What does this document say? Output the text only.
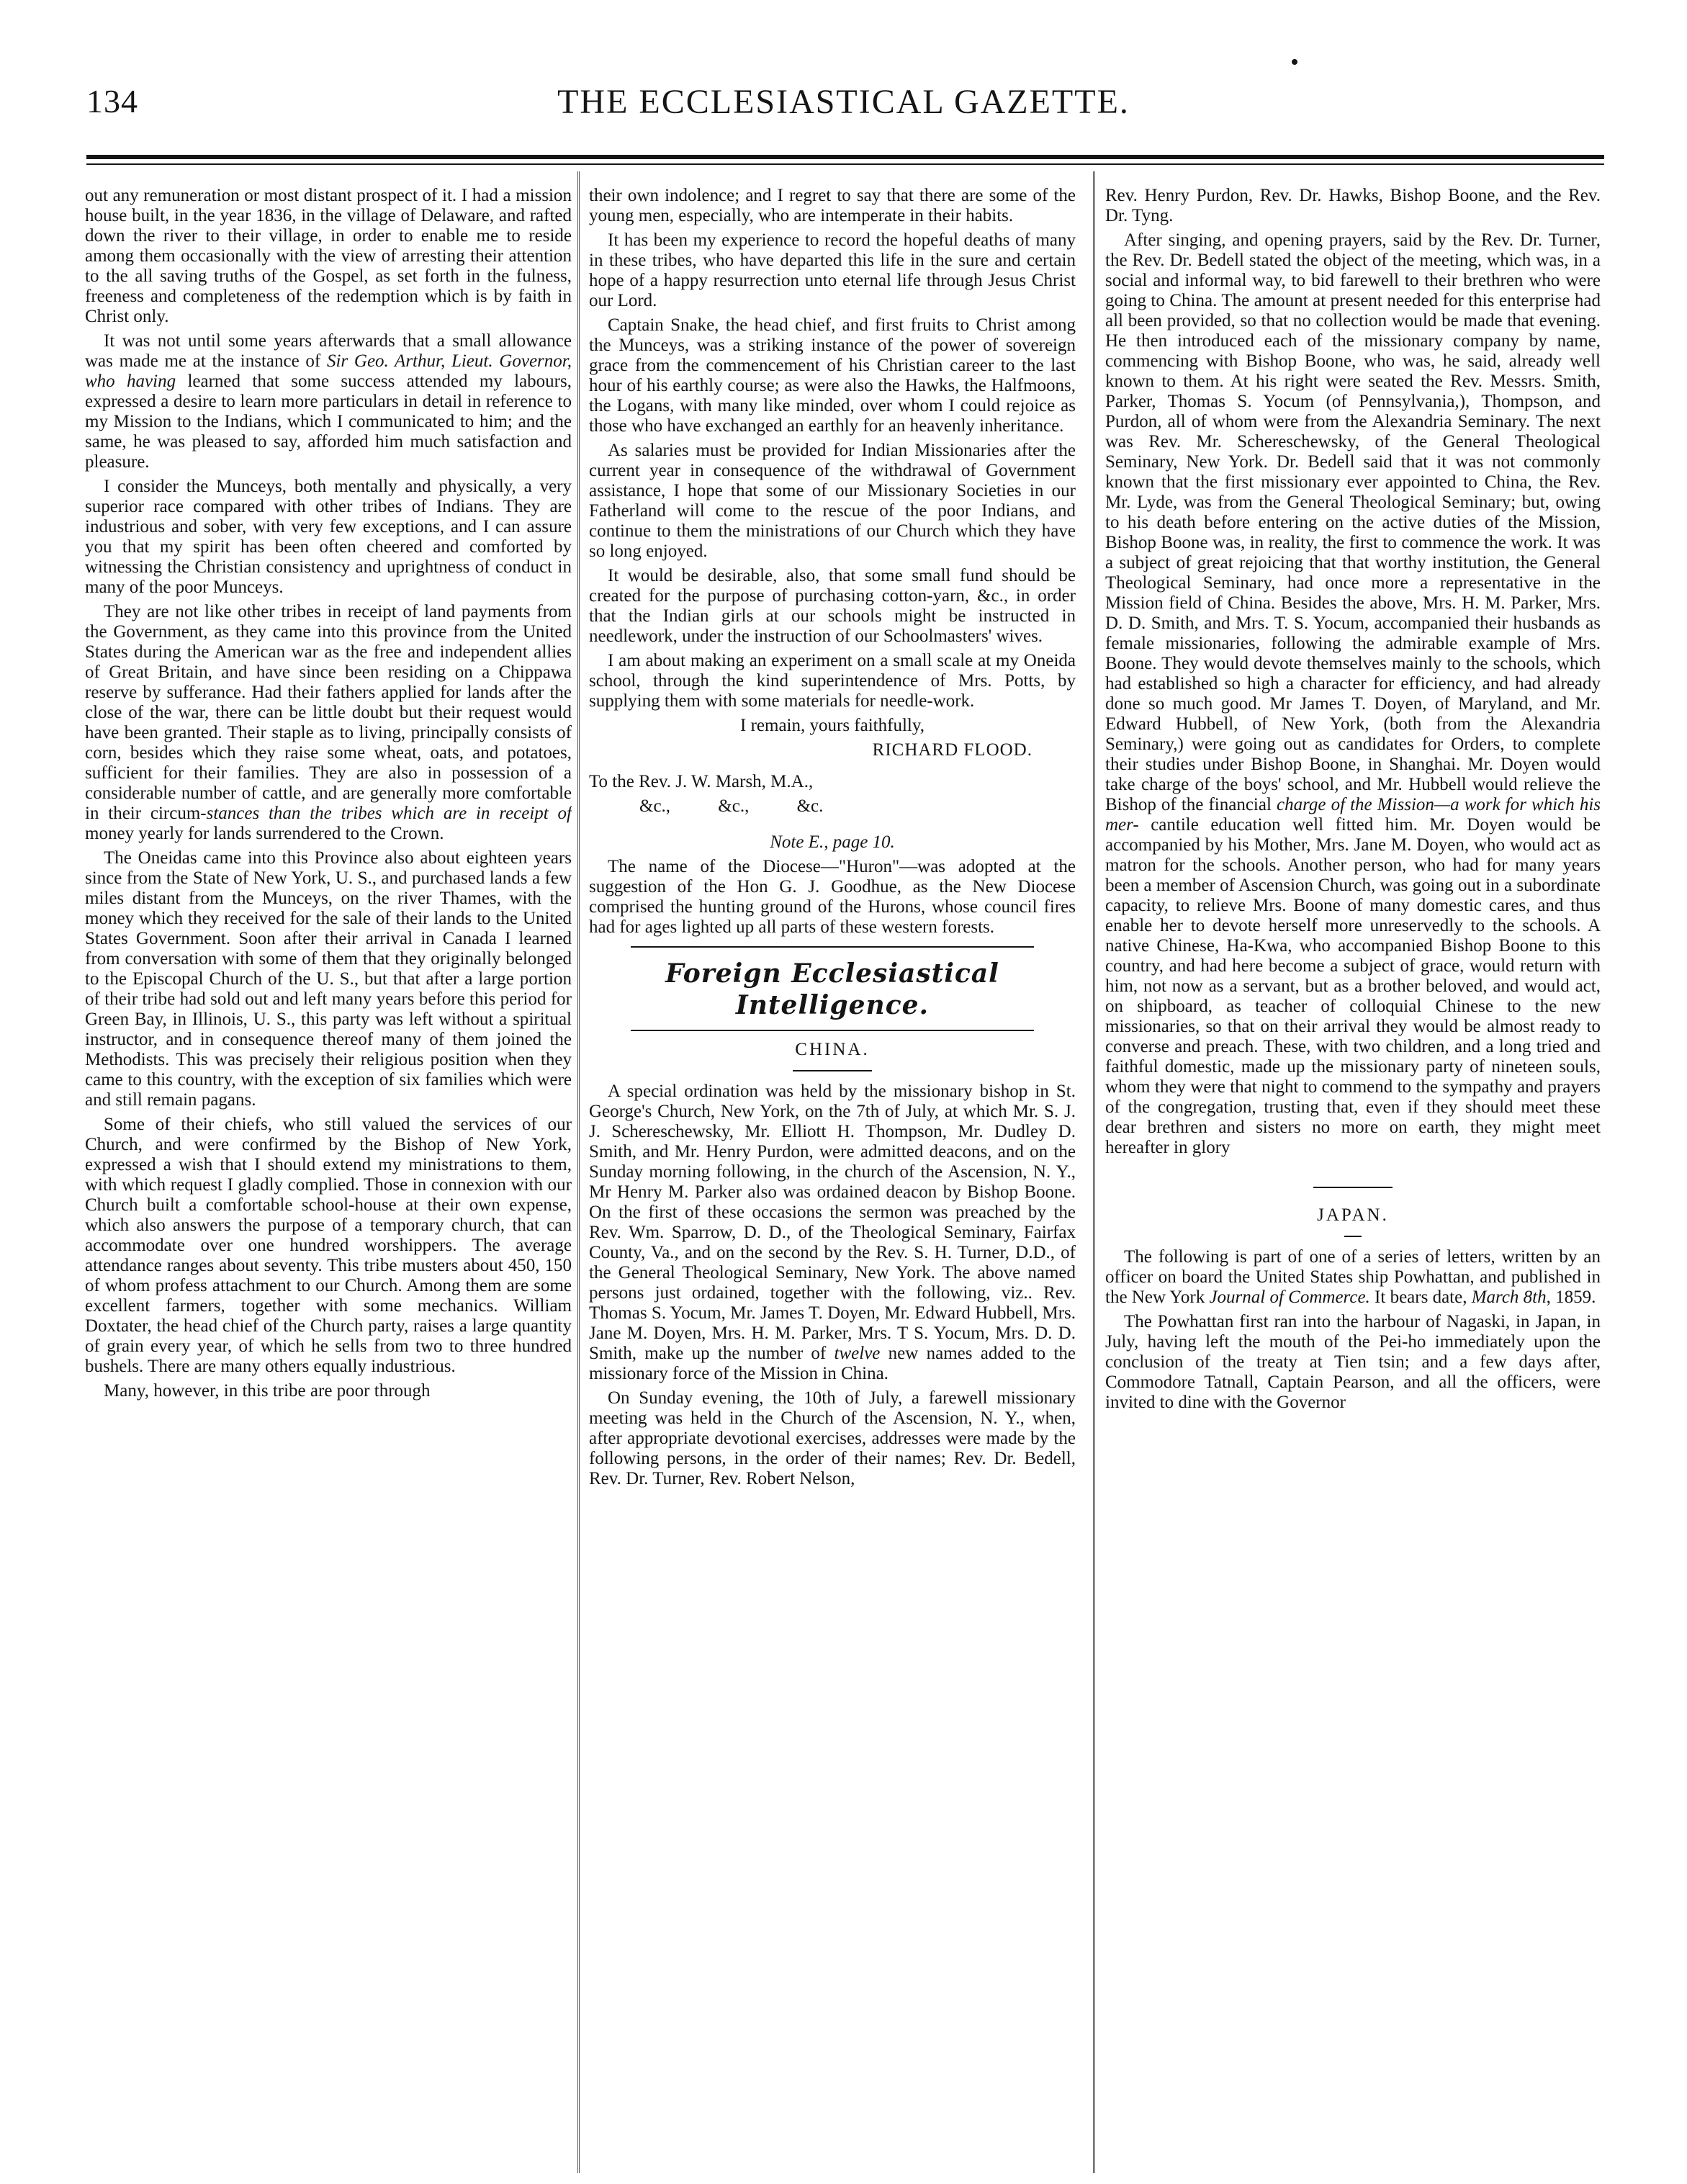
134	THE ECCLESIASTICAL GAZETTE.

out any remuneration or most distant prospect of it. I had a mission house built, in the year 1836, in the village of Delaware, and rafted down the river to their village, in order to enable me to reside among them occasionally with the view of arresting their attention to the all saving truths of the Gospel, as set forth in the fulness, freeness and completeness of the redemption which is by faith in Christ only.

It was not until some years afterwards that a small allowance was made me at the instance of Sir Geo. Arthur, Lieut. Governor, who having learned that some success attended my labours, expressed a desire to learn more particulars in detail in reference to my Mission to the Indians, which I communicated to him; and the same, he was pleased to say, afforded him much satisfaction and pleasure.

I consider the Munceys, both mentally and physically, a very superior race compared with other tribes of Indians. They are industrious and sober, with very few exceptions, and I can assure you that my spirit has been often cheered and comforted by witnessing the Christian consistency and uprightness of conduct in many of the poor Munceys.

They are not like other tribes in receipt of land payments from the Government, as they came into this province from the United States during the American war as the free and independent allies of Great Britain, and have since been residing on a Chippawa reserve by sufferance. Had their fathers applied for lands after the close of the war, there can be little doubt but their request would have been granted. Their staple as to living, principally consists of corn, besides which they raise some wheat, oats, and potatoes, sufficient for their families. They are also in possession of a considerable number of cattle, and are generally more comfortable in their circum-stances than the tribes which are in receipt of money yearly for lands surrendered to the Crown.

The Oneidas came into this Province also about eighteen years since from the State of New York, U. S., and purchased lands a few miles distant from the Munceys, on the river Thames, with the money which they received for the sale of their lands to the United States Government. Soon after their arrival in Canada I learned from conversation with some of them that they originally belonged to the Episcopal Church of the U. S., but that after a large portion of their tribe had sold out and left many years before this period for Green Bay, in Illinois, U. S., this party was left without a spiritual instructor, and in consequence thereof many of them joined the Methodists. This was precisely their religious position when they came to this country, with the exception of six families which were and still remain pagans.

Some of their chiefs, who still valued the services of our Church, and were confirmed by the Bishop of New York, expressed a wish that I should extend my ministrations to them, with which request I gladly complied. Those in connexion with our Church built a comfortable school-house at their own expense, which also answers the purpose of a temporary church, that can accommodate over one hundred worshippers. The average attendance ranges about seventy. This tribe musters about 450, 150 of whom profess attachment to our Church. Among them are some excellent farmers, together with some mechanics. William Doxtater, the head chief of the Church party, raises a large quantity of grain every year, of which he sells from two to three hundred bushels. There are many others equally industrious.

Many, however, in this tribe are poor through

their own indolence; and I regret to say that there are some of the young men, especially, who are intemperate in their habits.

It has been my experience to record the hopeful deaths of many in these tribes, who have departed this life in the sure and certain hope of a happy resurrection unto eternal life through Jesus Christ our Lord.

Captain Snake, the head chief, and first fruits to Christ among the Munceys, was a striking instance of the power of sovereign grace from the commencement of his Christian career to the last hour of his earthly course; as were also the Hawks, the Halfmoons, the Logans, with many like minded, over whom I could rejoice as those who have exchanged an earthly for an heavenly inheritance.

As salaries must be provided for Indian Missionaries after the current year in consequence of the withdrawal of Government assistance, I hope that some of our Missionary Societies in our Fatherland will come to the rescue of the poor Indians, and continue to them the ministrations of our Church which they have so long enjoyed.

It would be desirable, also, that some small fund should be created for the purpose of purchasing cotton-yarn, &c., in order that the Indian girls at our schools might be instructed in needlework, under the instruction of our Schoolmasters' wives.

I am about making an experiment on a small scale at my Oneida school, through the kind superintendence of Mrs. Potts, by supplying them with some materials for needle-work.

I remain, yours faithfully,

RICHARD FLOOD.

To the Rev. J. W. Marsh, M.A.,

&c., &c., &c.

Note E., page 10.

The name of the Diocese—"Huron"—was adopted at the suggestion of the Hon G. J. Goodhue, as the New Diocese comprised the hunting ground of the Hurons, whose council fires had for ages lighted up all parts of these western forests.

Foreign Ecclesiastical Intelligence.
CHINA.

A special ordination was held by the missionary bishop in St. George's Church, New York, on the 7th of July, at which Mr. S. J. J. Schereschewsky, Mr. Elliott H. Thompson, Mr. Dudley D. Smith, and Mr. Henry Purdon, were admitted deacons, and on the Sunday morning following, in the church of the Ascension, N. Y., Mr Henry M. Parker also was ordained deacon by Bishop Boone. On the first of these occasions the sermon was preached by the Rev. Wm. Sparrow, D. D., of the Theological Seminary, Fairfax County, Va., and on the second by the Rev. S. H. Turner, D.D., of the General Theological Seminary, New York. The above named persons just ordained, together with the following, viz.. Rev. Thomas S. Yocum, Mr. James T. Doyen, Mr. Edward Hubbell, Mrs. Jane M. Doyen, Mrs. H. M. Parker, Mrs. T S. Yocum, Mrs. D. D. Smith, make up the number of twelve new names added to the missionary force of the Mission in China.

On Sunday evening, the 10th of July, a farewell missionary meeting was held in the Church of the Ascension, N. Y., when, after appropriate devotional exercises, addresses were made by the following persons, in the order of their names; Rev. Dr. Bedell, Rev. Dr. Turner, Rev. Robert Nelson,

Rev. Henry Purdon, Rev. Dr. Hawks, Bishop Boone, and the Rev. Dr. Tyng.

After singing, and opening prayers, said by the Rev. Dr. Turner, the Rev. Dr. Bedell stated the object of the meeting, which was, in a social and informal way, to bid farewell to their brethren who were going to China. The amount at present needed for this enterprise had all been provided, so that no collection would be made that evening. He then introduced each of the missionary company by name, commencing with Bishop Boone, who was, he said, already well known to them. At his right were seated the Rev. Messrs. Smith, Parker, Thomas S. Yocum (of Pennsylvania,), Thompson, and Purdon, all of whom were from the Alexandria Seminary. The next was Rev. Mr. Schereschewsky, of the General Theological Seminary, New York. Dr. Bedell said that it was not commonly known that the first missionary ever appointed to China, the Rev. Mr. Lyde, was from the General Theological Seminary; but, owing to his death before entering on the active duties of the Mission, Bishop Boone was, in reality, the first to commence the work. It was a subject of great rejoicing that that worthy institution, the General Theological Seminary, had once more a representative in the Mission field of China. Besides the above, Mrs. H. M. Parker, Mrs. D. D. Smith, and Mrs. T. S. Yocum, accompanied their husbands as female missionaries, following the admirable example of Mrs. Boone. They would devote themselves mainly to the schools, which had established so high a character for efficiency, and had already done so much good. Mr James T. Doyen, of Maryland, and Mr. Edward Hubbell, of New York, (both from the Alexandria Seminary,) were going out as candidates for Orders, to complete their studies under Bishop Boone, in Shanghai. Mr. Doyen would take charge of the boys' school, and Mr. Hubbell would relieve the Bishop of the financial charge of the Mission—a work for which his mer- cantile education well fitted him. Mr. Doyen would be accompanied by his Mother, Mrs. Jane M. Doyen, who would act as matron for the schools. Another person, who had for many years been a member of Ascension Church, was going out in a subordinate capacity, to relieve Mrs. Boone of many domestic cares, and thus enable her to devote herself more unreservedly to the schools. A native Chinese, Ha-Kwa, who accompanied Bishop Boone to this country, and had here become a subject of grace, would return with him, not now as a servant, but as a brother beloved, and would act, on shipboard, as teacher of colloquial Chinese to the new missionaries, so that on their arrival they would be almost ready to converse and preach. These, with two children, and a long tried and faithful domestic, made up the missionary party of nineteen souls, whom they were that night to commend to the sympathy and prayers of the congregation, trusting that, even if they should meet these dear brethren and sisters no more on earth, they might meet hereafter in glory

JAPAN.

The following is part of one of a series of letters, written by an officer on board the United States ship Powhattan, and published in the New York Journal of Commerce. It bears date, March 8th, 1859.

The Powhattan first ran into the harbour of Nagaski, in Japan, in July, having left the mouth of the Pei-ho immediately upon the conclusion of the treaty at Tien tsin; and a few days after, Commodore Tatnall, Captain Pearson, and all the officers, were invited to dine with the Governor
